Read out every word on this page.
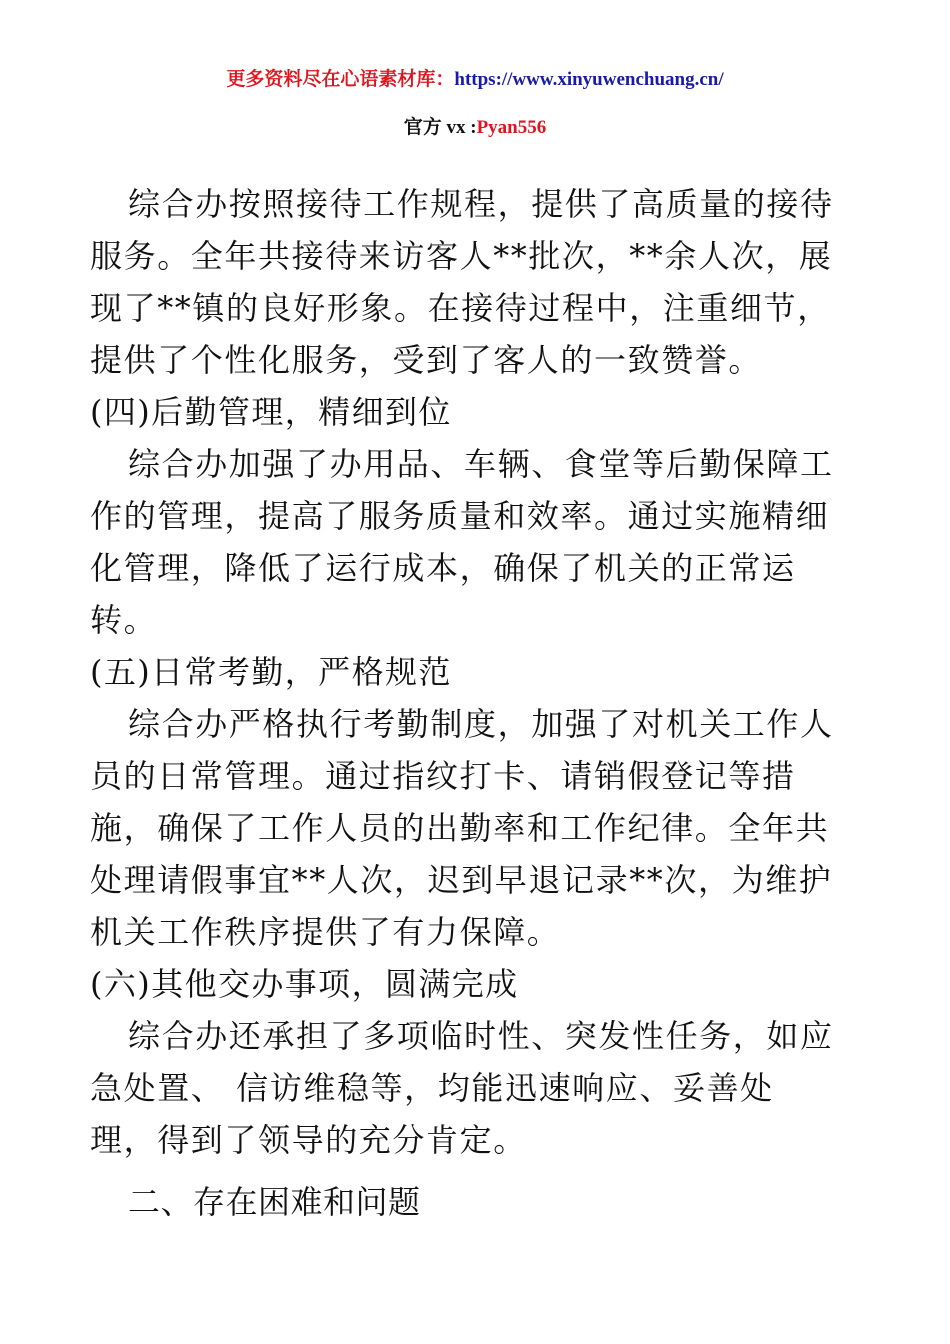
更多资料尽在心语素材库：https://www.xinyuwenchuang.cn/
官方 vx :Pyan556
综合办按照接待工作规程，提供了高质量的接待
服务。全年共接待来访客人**批次，**余人次，展
现了**镇的良好形象。在接待过程中，注重细节，
提供了个性化服务，受到了客人的一致赞誉。
(四)后勤管理，精细到位
综合办加强了办用品、车辆、食堂等后勤保障工
作的管理，提高了服务质量和效率。通过实施精细
化管理，降低了运行成本，确保了机关的正常运
转。
(五)日常考勤，严格规范
综合办严格执行考勤制度，加强了对机关工作人
员的日常管理。通过指纹打卡、请销假登记等措
施，确保了工作人员的出勤率和工作纪律。全年共
处理请假事宜**人次，迟到早退记录**次，为维护
机关工作秩序提供了有力保障。
(六)其他交办事项，圆满完成
综合办还承担了多项临时性、突发性任务，如应
急处置、 信访维稳等，均能迅速响应、妥善处
理，得到了领导的充分肯定。
二、存在困难和问题
